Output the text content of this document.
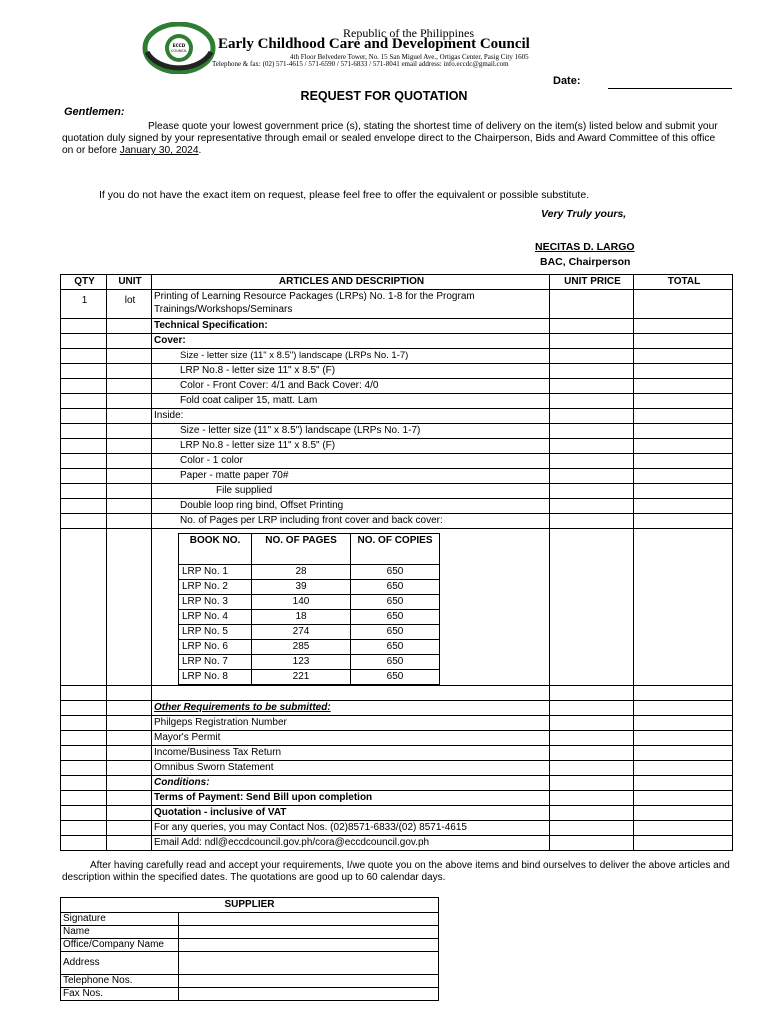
ECCD
COUNCIL
Republic of the Philippines
Early Childhood Care and Development Council
4th Floor Belvedere Tower, No. 15 San Miguel Ave., Ortigas Center, Pasig City 1605
Telephone & fax: (02) 571-4615 / 571-6590 / 571-6833 / 571-8041 email address: info.eccdc@gmail.com
Date:
REQUEST FOR QUOTATION
Gentlemen:
Please quote your lowest government price (s), stating the shortest time of delivery on the item(s) listed below and submit your quotation duly signed by your representative through email or sealed envelope direct to the Chairperson, Bids and Award Committee of this office on or before January 30, 2024.
If you do not have the exact item on request, please feel free to offer the equivalent or possible substitute.
Very Truly yours,
NECITAS D. LARGO
BAC, Chairperson
QTY	UNIT	ARTICLES AND DESCRIPTION	UNIT PRICE	TOTAL
1	lot	Printing of Learning Resource Packages (LRPs) No. 1-8 for the Program
Trainings/Workshops/Seminars		

		Technical Specification:		
		Cover:		
		Size - letter size (11" x 8.5") landscape (LRPs No. 1-7)		
		LRP No.8 - letter size 11" x 8.5" (F)		
		Color - Front Cover: 4/1 and Back Cover: 4/0		
		Fold coat caliper 15, matt. Lam		
		Inside:		
		Size - letter size (11" x 8.5") landscape (LRPs No. 1-7)		
		LRP No.8 - letter size 11" x 8.5" (F)		
		Color - 1 color		
		Paper - matte paper 70#		
		File supplied		
		Double loop ring bind, Offset Printing		
		No. of Pages per LRP including front cover and back cover:		

BOOK NO.	NO. OF PAGES	NO. OF COPIES
LRP No. 1	28	650
LRP No. 2	39	650
LRP No. 3	140	650
LRP No. 4	18	650
LRP No. 5	274	650
LRP No. 6	285	650
LRP No. 7	123	650
LRP No. 8	221	650

		Other Requirements to be submitted:		
		Philgeps Registration Number		
		Mayor's Permit		
		Income/Business Tax Return		
		Omnibus Sworn Statement		
		Conditions:		
		Terms of Payment: Send Bill upon completion		
		Quotation - inclusive of VAT		
		For any queries, you may Contact Nos. (02)8571-6833/(02) 8571-4615		
		Email Add: ndl@eccdcouncil.gov.ph/cora@eccdcouncil.gov.ph		
After having carefully read and accept your requirements, I/we quote you on the above items and bind ourselves to deliver the above articles and description within the specified dates. The quotations are good up to 60 calendar days.
SUPPLIER	
Signature	
Name	
Office/Company Name	
Address	
Telephone Nos.	
Fax Nos.	
